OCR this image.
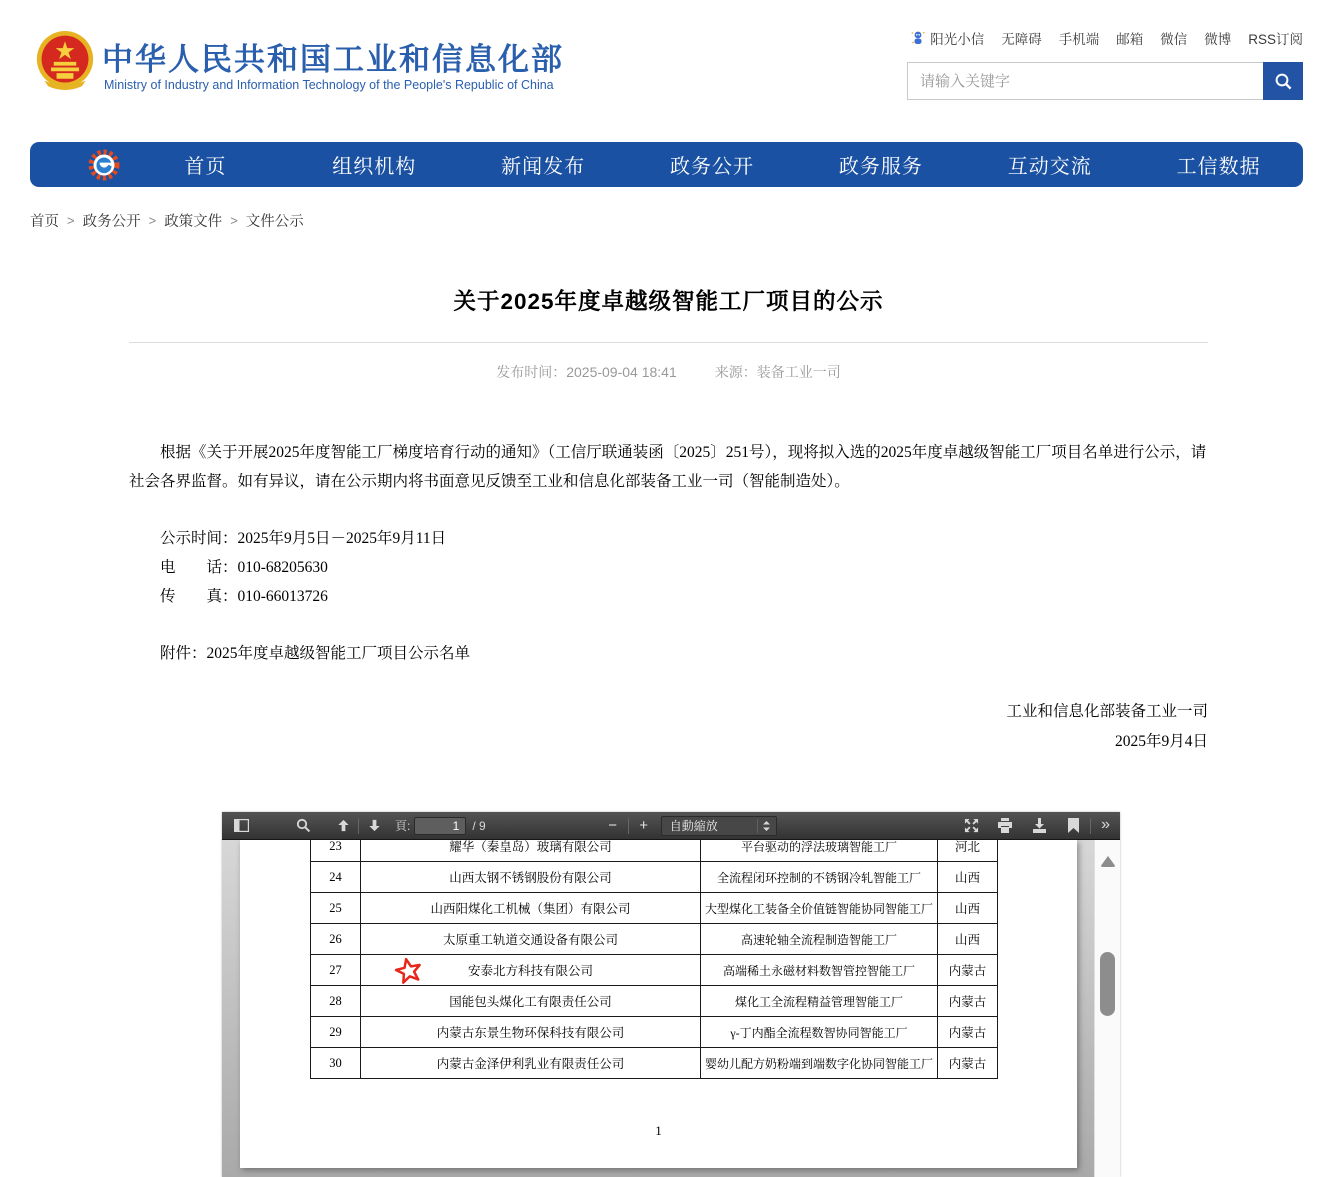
中华人民共和国工业和信息化部
Ministry of Industry and Information Technology of the People's Republic of China
阳光小信 无障碍 手机端 邮箱 微信 微博 RSS订阅
请输入关键字
首页	组织机构	新闻发布	政务公开	政务服务	互动交流	工信数据
首页 > 政务公开 > 政策文件 > 文件公示
关于2025年度卓越级智能工厂项目的公示
发布时间：2025-09-04 18:41	来源：装备工业一司

根据《关于开展2025年度智能工厂梯度培育行动的通知》（工信厅联通装函〔2025〕251号），现将拟入选的2025年度卓越级智能工厂项目名单进行公示，请社会各界监督。如有异议，请在公示期内将书面意见反馈至工业和信息化部装备工业一司（智能制造处）。

公示时间：2025年9月5日－2025年9月11日

电　　话：010-68205630

传　　真：010-66013726

附件：2025年度卓越级智能工厂项目公示名单

工业和信息化部装备工业一司
2025年9月4日
頁:
1	/ 9	−	+	自動縮放	»
23	耀华（秦皇岛）玻璃有限公司	平台驱动的浮法玻璃智能工厂	河北
24	山西太钢不锈钢股份有限公司	全流程闭环控制的不锈钢冷轧智能工厂	山西
25	山西阳煤化工机械（集团）有限公司	大型煤化工装备全价值链智能协同智能工厂	山西
26	太原重工轨道交通设备有限公司	高速轮轴全流程制造智能工厂	山西
27	安泰北方科技有限公司	高端稀土永磁材料数智管控智能工厂	内蒙古
28	国能包头煤化工有限责任公司	煤化工全流程精益管理智能工厂	内蒙古
29	内蒙古东景生物环保科技有限公司	γ-丁内酯全流程数智协同智能工厂	内蒙古
30	内蒙古金泽伊利乳业有限责任公司	婴幼儿配方奶粉端到端数字化协同智能工厂	内蒙古
1
